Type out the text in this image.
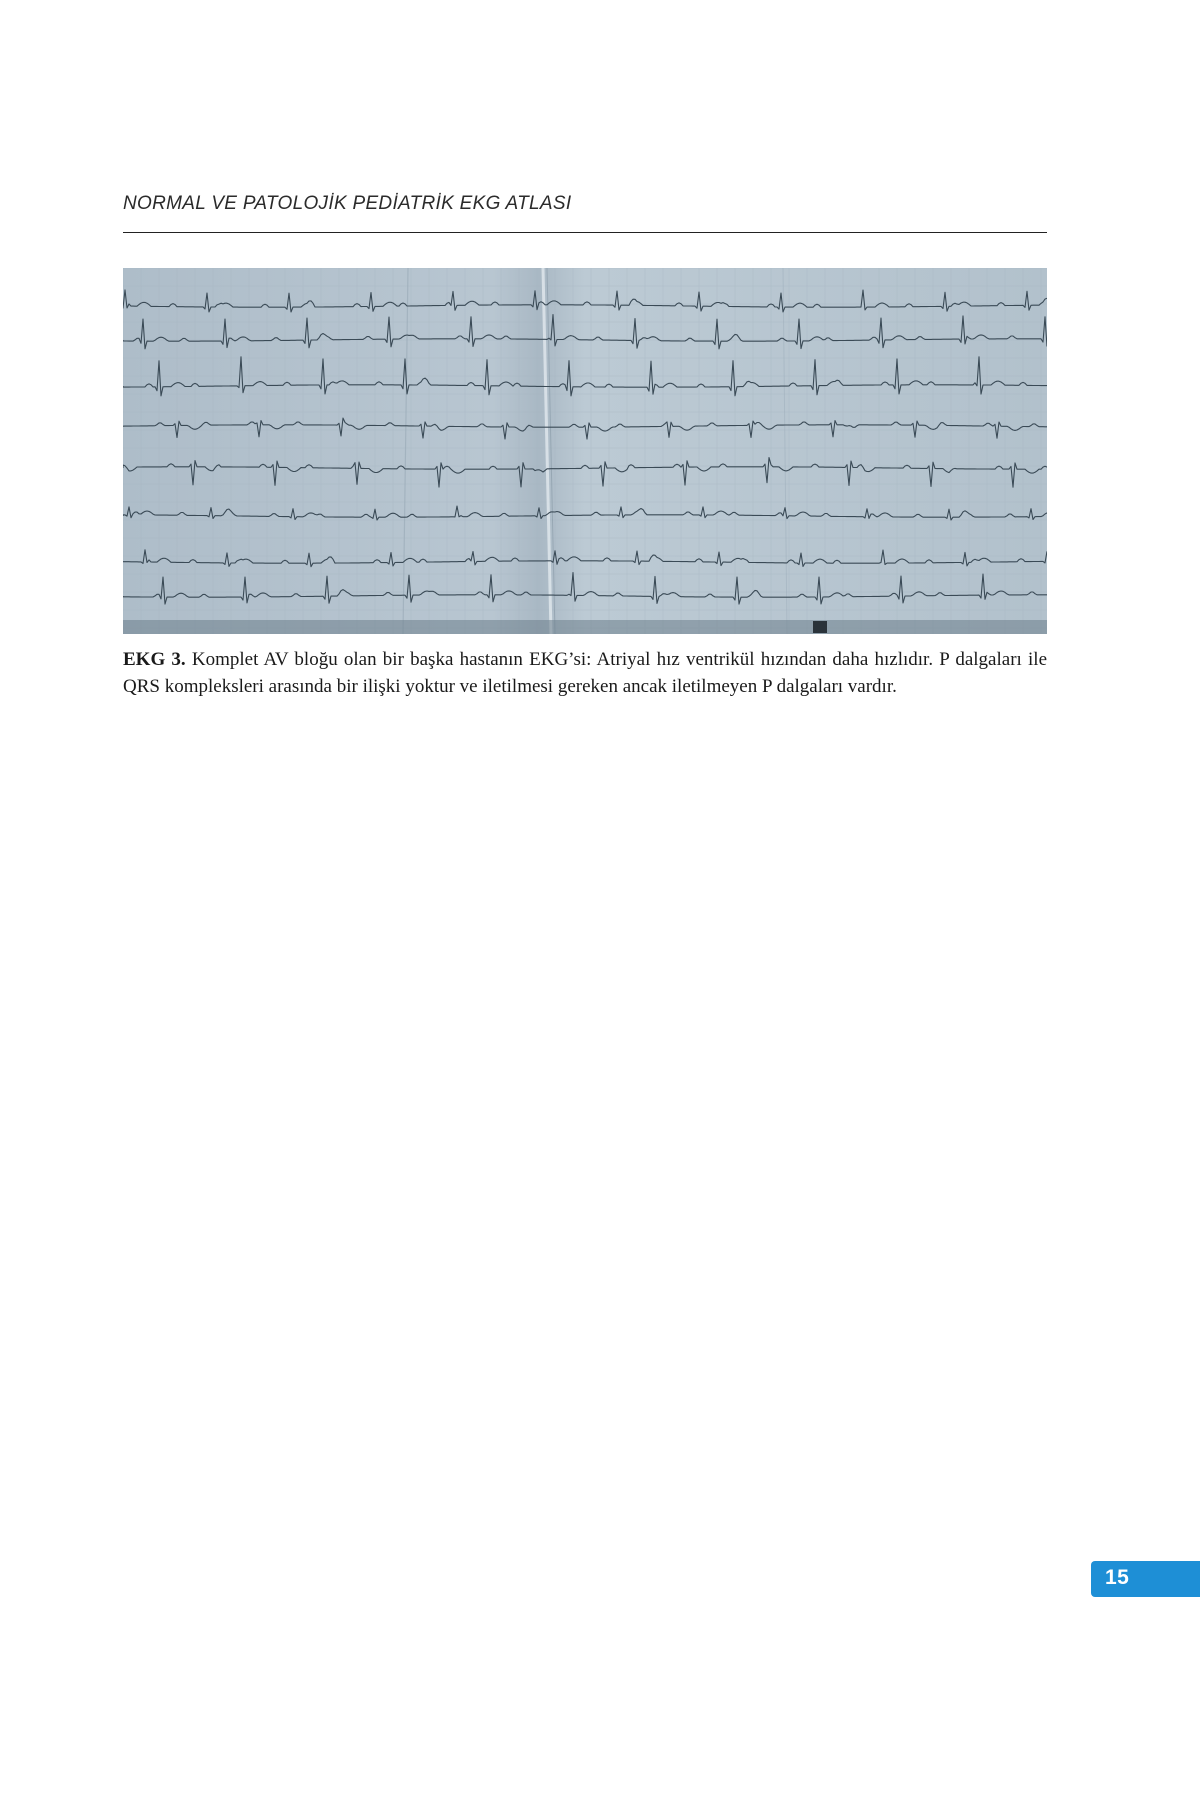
NORMAL VE PATOLOJİK PEDİATRİK EKG ATLASI
EKG 3. Komplet AV bloğu olan bir başka hastanın EKG’si: Atriyal hız ventrikül hızından daha hızlıdır. P dalgaları ile QRS kompleksleri arasında bir ilişki yoktur ve iletilmesi gereken ancak iletilmeyen P dalgaları vardır.
15
